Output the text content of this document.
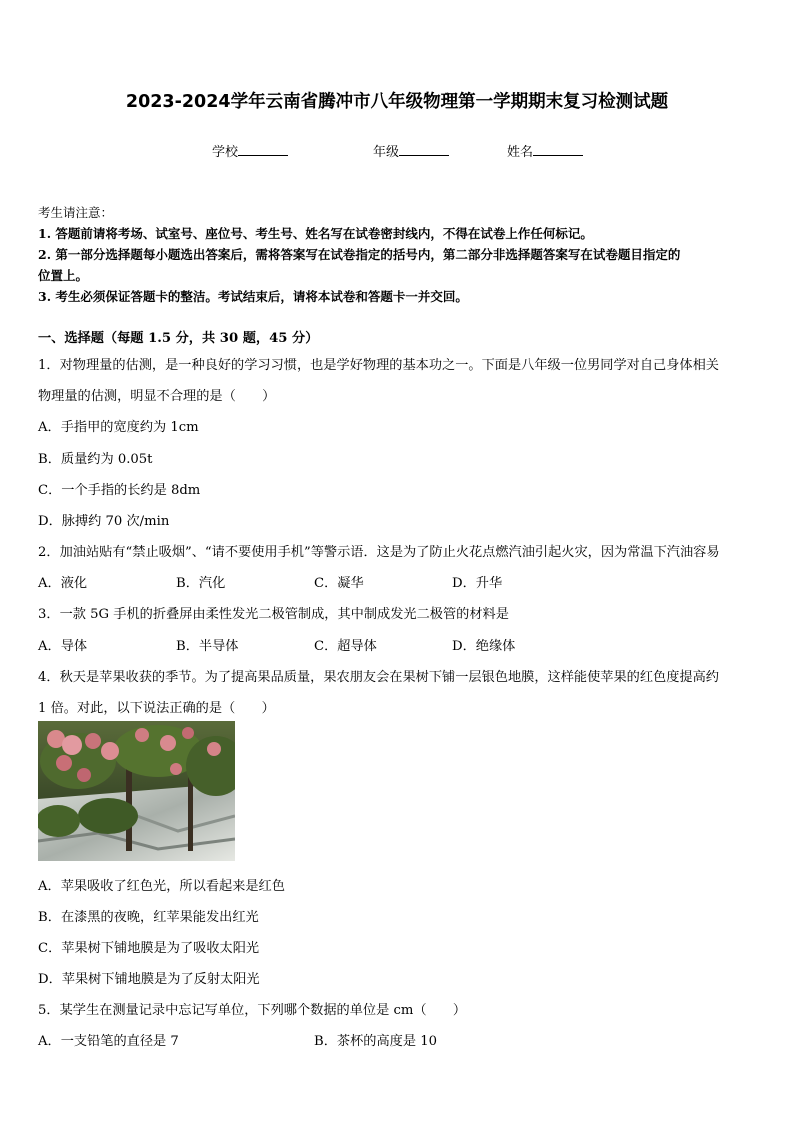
2023-2024学年云南省腾冲市八年级物理第一学期期末复习检测试题
学校	年级	姓名
考生请注意：
1. 答题前请将考场、试室号、座位号、考生号、姓名写在试卷密封线内，不得在试卷上作任何标记。
2. 第一部分选择题每小题选出答案后，需将答案写在试卷指定的括号内，第二部分非选择题答案写在试卷题目指定的
位置上。
3. 考生必须保证答题卡的整洁。考试结束后，请将本试卷和答题卡一并交回。
一、选择题（每题 1.5 分，共 30 题，45 分）
1．对物理量的估测，是一种良好的学习习惯，也是学好物理的基本功之一。下面是八年级一位男同学对自己身体相关
物理量的估测，明显不合理的是（　　）
A．手指甲的宽度约为 1cm
B．质量约为 0.05t
C．一个手指的长约是 8dm
D．脉搏约 70 次/min
2．加油站贴有“禁止吸烟”、“请不要使用手机”等警示语．这是为了防止火花点燃汽油引起火灾，因为常温下汽油容易
A．液化	B．汽化	C．凝华	D．升华
3．一款 5G 手机的折叠屏由柔性发光二极管制成，其中制成发光二极管的材料是
A．导体	B．半导体	C．超导体	D．绝缘体
4．秋天是苹果收获的季节。为了提高果品质量，果农朋友会在果树下铺一层银色地膜，这样能使苹果的红色度提高约
1 倍。对此，以下说法正确的是（　　）
A．苹果吸收了红色光，所以看起来是红色
B．在漆黑的夜晚，红苹果能发出红光
C．苹果树下铺地膜是为了吸收太阳光
D．苹果树下铺地膜是为了反射太阳光
5．某学生在测量记录中忘记写单位，下列哪个数据的单位是 cm（　　）
A．一支铅笔的直径是 7	B．茶杯的高度是 10
